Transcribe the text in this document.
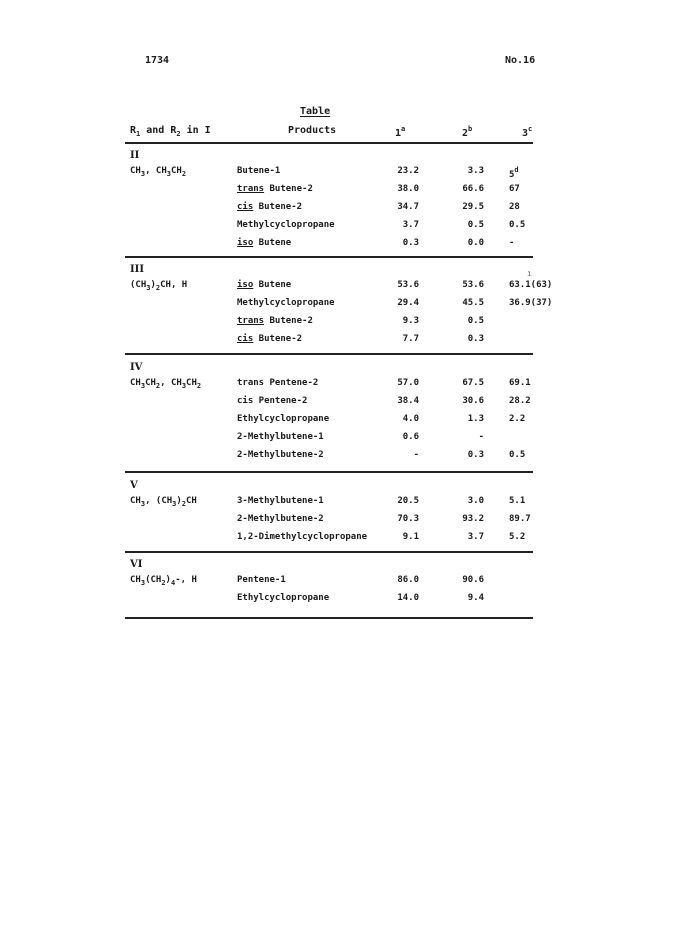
1734	No.16
Table
$R_1$ and $R_2$ in I	Products	1$^a$	2$^b$	3$^c$
II
$CH_3$, $CH_3CH_2$	Butene-1	23.2	3.3	5$^d$
trans Butene-2	38.0	66.6	67
cis Butene-2	34.7	29.5	28
Methylcyclopropane	3.7	0.5	0.5
iso Butene	0.3	0.0	-
III
$(CH_3)_2CH$, H	iso Butene	53.6	53.6	63.1(63)
Methylcyclopropane	29.4	45.5	36.9(37)
trans Butene-2	9.3	0.5
cis Butene-2	7.7	0.3
IV
$CH_3CH_2$, $CH_3CH_2$	trans Pentene-2	57.0	67.5	69.1
cis Pentene-2	38.4	30.6	28.2
Ethylcyclopropane	4.0	1.3	2.2
2-Methylbutene-1	0.6	-
2-Methylbutene-2	-	0.3	0.5
V
$CH_3$, $(CH_3)_2CH$	3-Methylbutene-1	20.5	3.0	5.1
2-Methylbutene-2	70.3	93.2	89.7
1,2-Dimethylcyclopropane	9.1	3.7	5.2
VI
$CH_3(CH_2)_4-$, H	Pentene-1	86.0	90.6
Ethylcyclopropane	14.0	9.4
ı
